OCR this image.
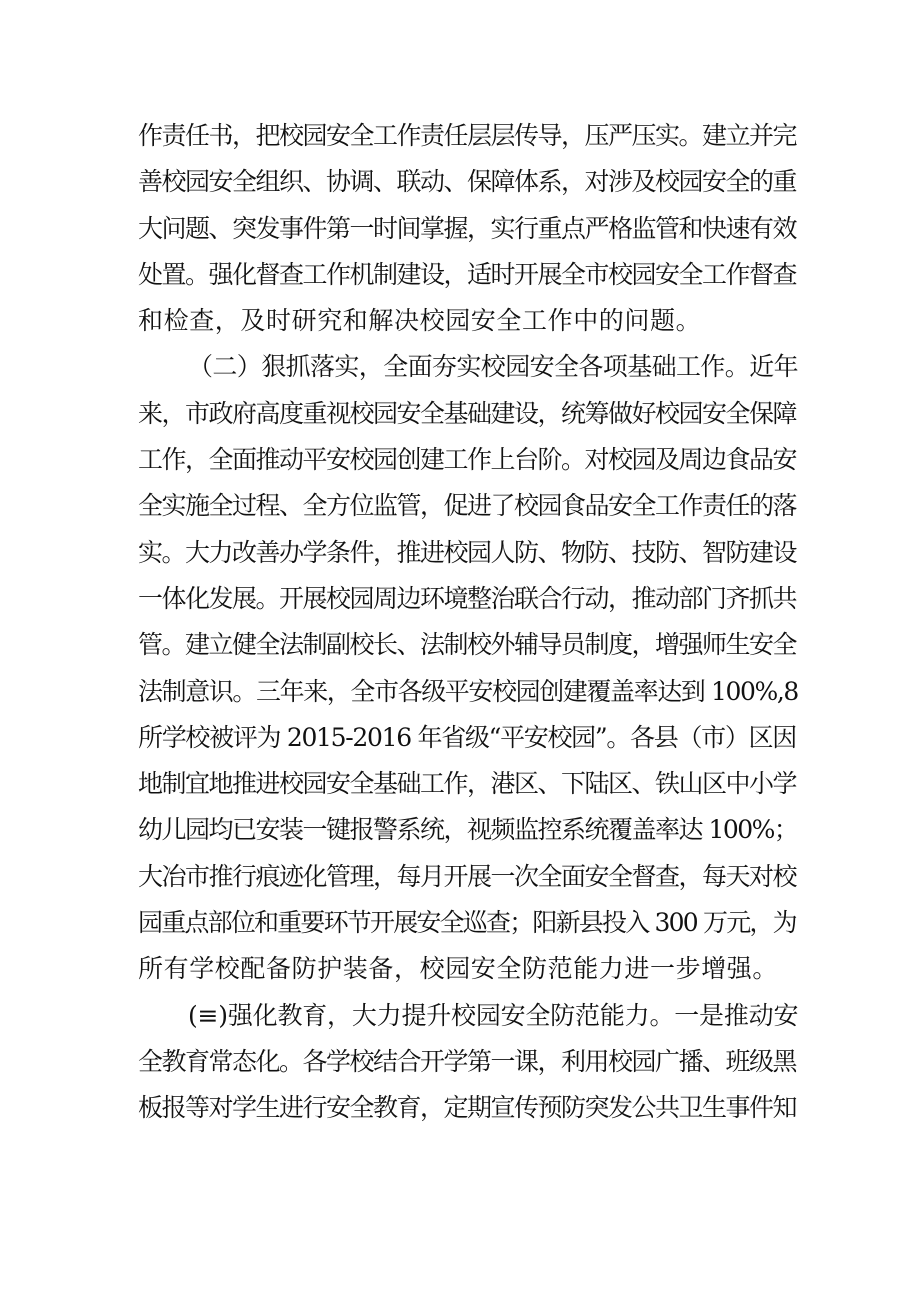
作责任书，把校园安全工作责任层层传导，压严压实。建立并完

善校园安全组织、协调、联动、保障体系，对涉及校园安全的重

大问题、突发事件第一时间掌握，实行重点严格监管和快速有效

处置。强化督查工作机制建设，适时开展全市校园安全工作督查

和检查，及时研究和解决校园安全工作中的问题。

（二）狠抓落实，全面夯实校园安全各项基础工作。近年

来，市政府高度重视校园安全基础建设，统筹做好校园安全保障

工作，全面推动平安校园创建工作上台阶。对校园及周边食品安

全实施全过程、全方位监管，促进了校园食品安全工作责任的落

实。大力改善办学条件，推进校园人防、物防、技防、智防建设

一体化发展。开展校园周边环境整治联合行动，推动部门齐抓共

管。建立健全法制副校长、法制校外辅导员制度，增强师生安全

法制意识。三年来，全市各级平安校园创建覆盖率达到 100%,8

所学校被评为 2015-2016 年省级“平安校园”。各县（市）区因

地制宜地推进校园安全基础工作，港区、下陆区、铁山区中小学

幼儿园均已安装一键报警系统，视频监控系统覆盖率达 100%；

大冶市推行痕迹化管理，每月开展一次全面安全督查，每天对校

园重点部位和重要环节开展安全巡查；阳新县投入 300 万元，为

所有学校配备防护装备，校园安全防范能力进一步增强。

(≡)强化教育，大力提升校园安全防范能力。一是推动安

全教育常态化。各学校结合开学第一课，利用校园广播、班级黑

板报等对学生进行安全教育，定期宣传预防突发公共卫生事件知
